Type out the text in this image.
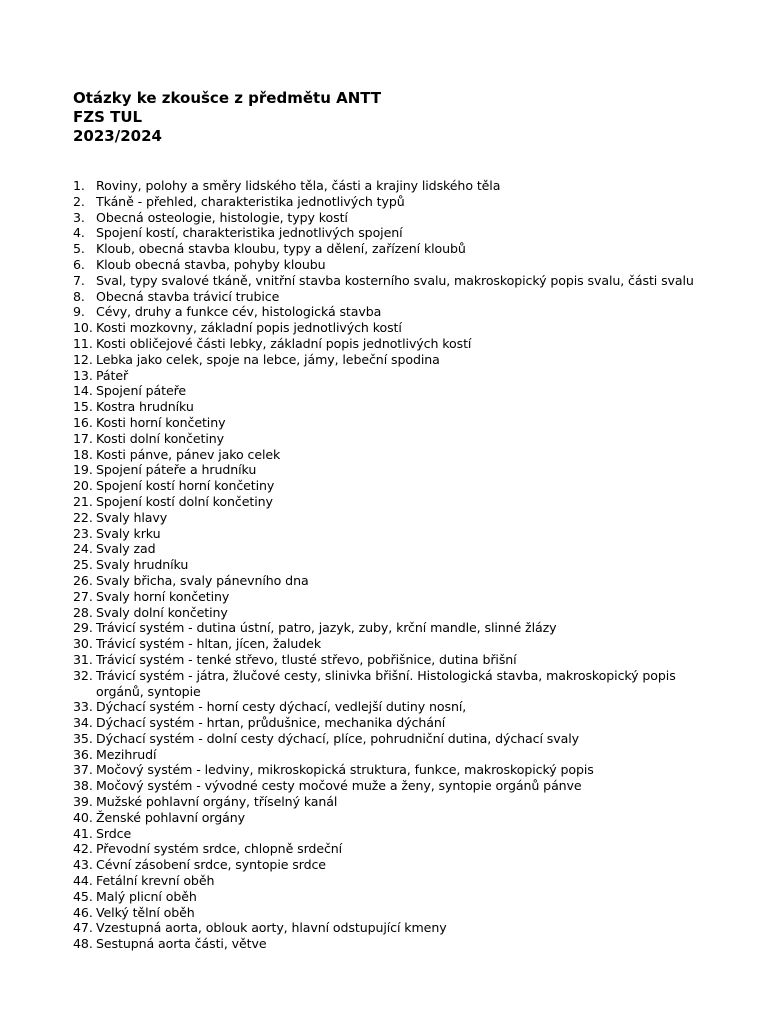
Otázky ke zkoušce z předmětu ANTT
FZS TUL
2023/2024
1. Roviny, polohy a směry lidského těla, části a krajiny lidského těla
2. Tkáně - přehled, charakteristika jednotlivých typů
3. Obecná osteologie, histologie, typy kostí
4. Spojení kostí, charakteristika jednotlivých spojení
5. Kloub, obecná stavba kloubu, typy a dělení, zařízení kloubů
6. Kloub obecná stavba, pohyby kloubu
7. Sval, typy svalové tkáně, vnitřní stavba kosterního svalu, makroskopický popis svalu, části svalu
8. Obecná stavba trávicí trubice
9. Cévy, druhy a funkce cév, histologická stavba
10. Kosti mozkovny, základní popis jednotlivých kostí
11. Kosti obličejové části lebky, základní popis jednotlivých kostí
12. Lebka jako celek, spoje na lebce, jámy, lebeční spodina
13. Páteř
14. Spojení páteře
15. Kostra hrudníku
16. Kosti horní končetiny
17. Kosti dolní končetiny
18. Kosti pánve, pánev jako celek
19. Spojení páteře a hrudníku
20. Spojení kostí horní končetiny
21. Spojení kostí dolní končetiny
22. Svaly hlavy
23. Svaly krku
24. Svaly zad
25. Svaly hrudníku
26. Svaly břicha, svaly pánevního dna
27. Svaly horní končetiny
28. Svaly dolní končetiny
29. Trávicí systém - dutina ústní, patro, jazyk, zuby, krční mandle, slinné žlázy
30. Trávicí systém - hltan, jícen, žaludek
31. Trávicí systém - tenké střevo, tlusté střevo, pobřišnice, dutina břišní
32. Trávicí systém - játra, žlučové cesty, slinivka břišní. Histologická stavba, makroskopický popis orgánů, syntopie
33. Dýchací systém - horní cesty dýchací, vedlejší dutiny nosní,
34. Dýchací systém - hrtan, průdušnice, mechanika dýchání
35. Dýchací systém - dolní cesty dýchací, plíce, pohrudniční dutina, dýchací svaly
36. Mezihrudí
37. Močový systém - ledviny, mikroskopická struktura, funkce, makroskopický popis
38. Močový systém - vývodné cesty močové muže a ženy, syntopie orgánů pánve
39. Mužské pohlavní orgány, tříselný kanál
40. Ženské pohlavní orgány
41. Srdce
42. Převodní systém srdce, chlopně srdeční
43. Cévní zásobení srdce, syntopie srdce
44. Fetální krevní oběh
45. Malý plicní oběh
46. Velký tělní oběh
47. Vzestupná aorta, oblouk aorty, hlavní odstupující kmeny
48. Sestupná aorta části, větve
